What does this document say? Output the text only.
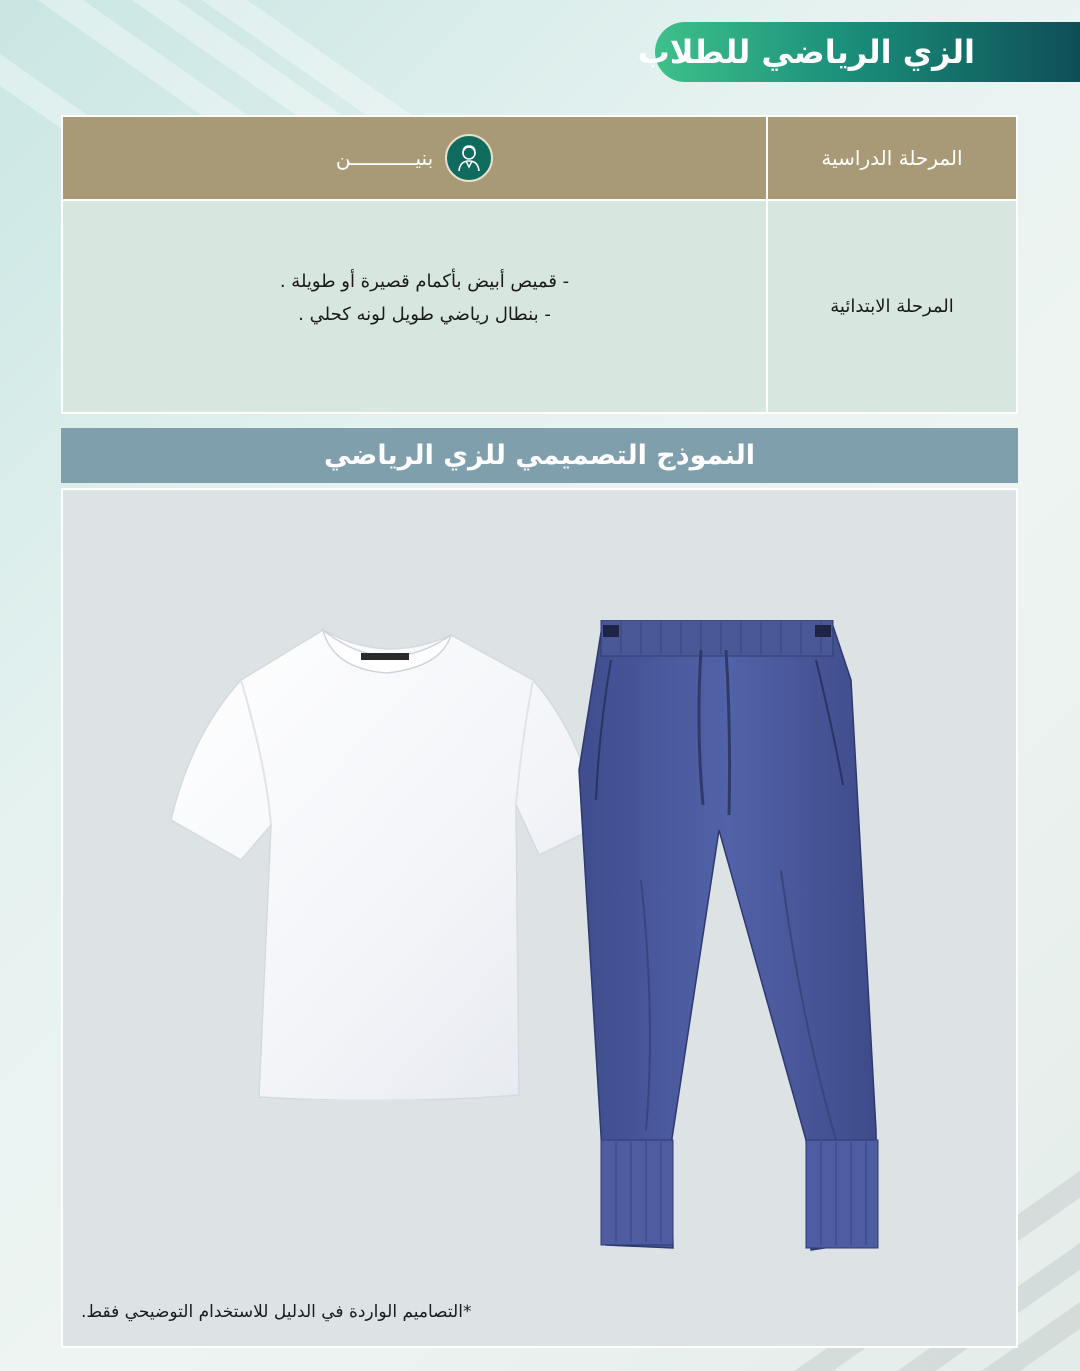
الزي الرياضي للطلاب
بنيـــــــــــن	المرحلة الدراسية

- قميص أبيض بأكمام قصيرة أو طويلة .
- بنطال رياضي طويل لونه كحلي .	المرحلة الابتدائية
النموذج التصميمي للزي الرياضي
*التصاميم الواردة في الدليل للاستخدام التوضيحي فقط.
